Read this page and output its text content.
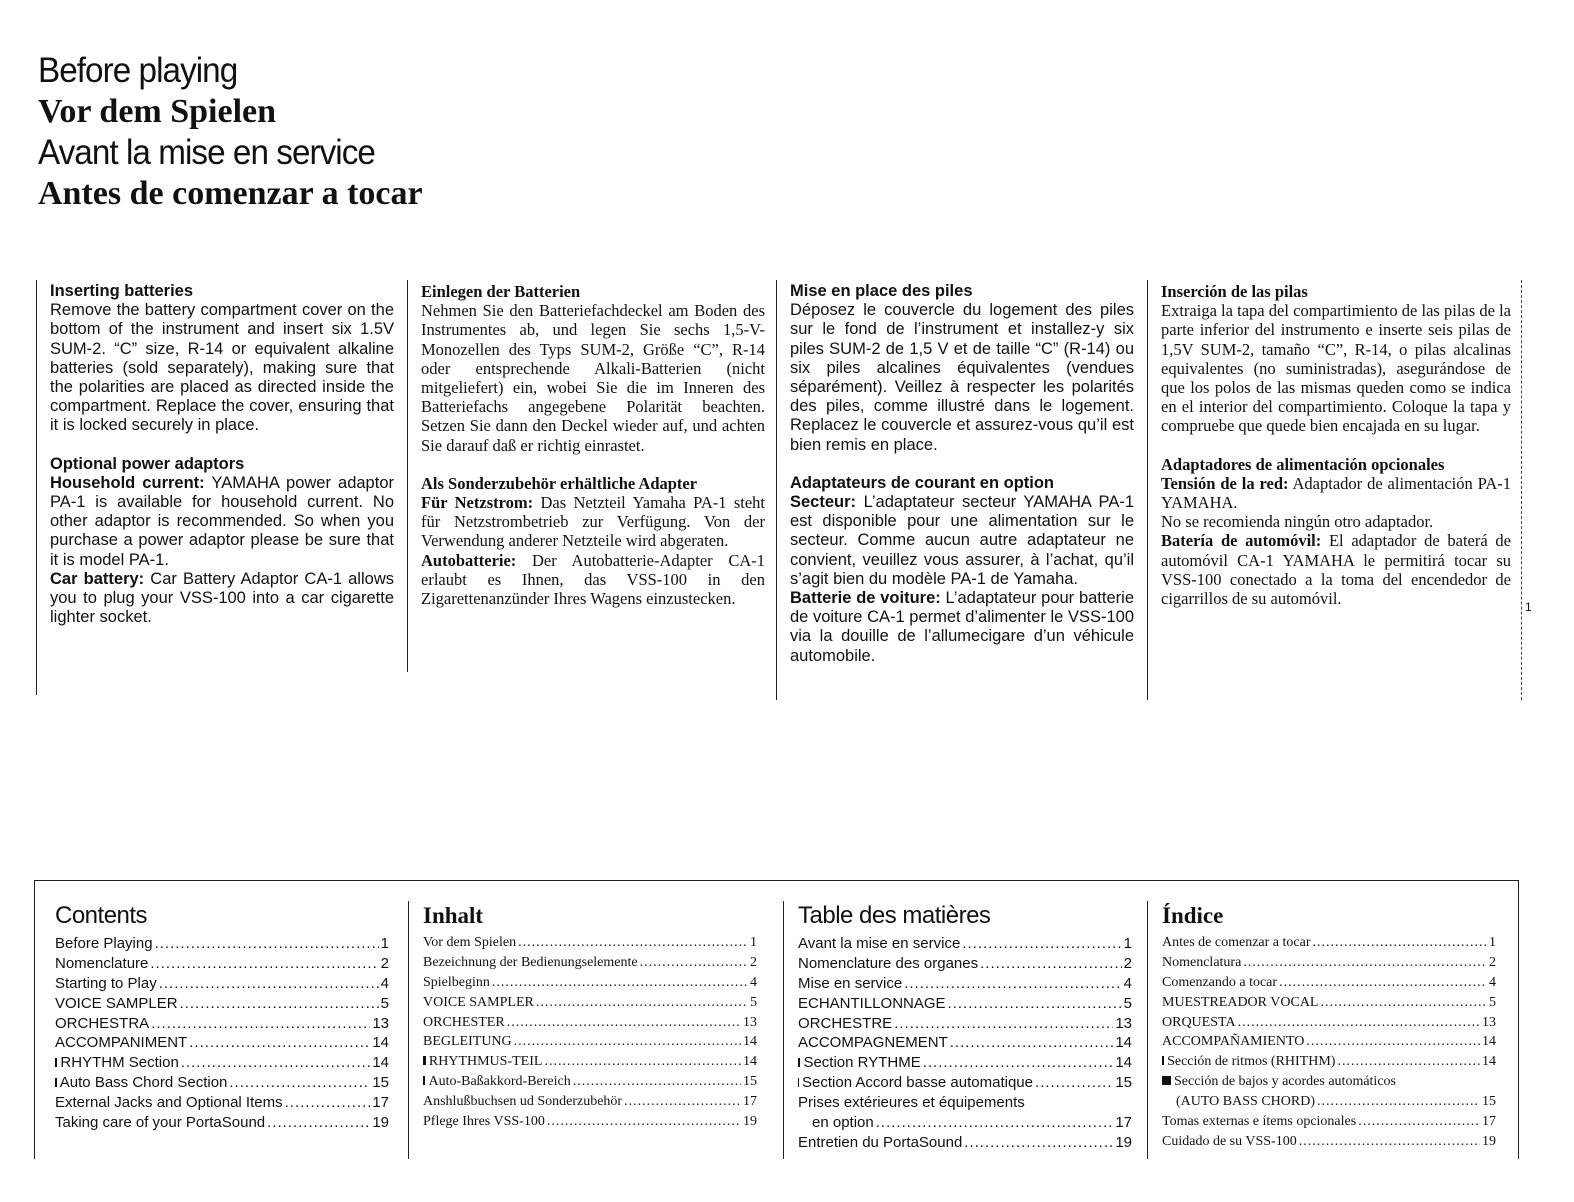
Before playing
Vor dem Spielen
Avant la mise en service
Antes de comenzar a tocar
Inserting batteries

Remove the battery compartment cover on the bottom of the instrument and insert six 1.5V SUM-2. “C” size, R-14 or equivalent alkaline batteries (sold separately), making sure that the polarities are placed as directed inside the compartment. Replace the cover, ensuring that it is locked securely in place.

Optional power adaptors

Household current: YAMAHA power adaptor PA-1 is available for household current. No other adaptor is recommended. So when you purchase a power adaptor please be sure that it is model PA-1.

Car battery: Car Battery Adaptor CA-1 allows you to plug your VSS-100 into a car cigarette lighter socket.

Einlegen der Batterien

Nehmen Sie den Batteriefachdeckel am Boden des Instrumentes ab, und legen Sie sechs 1,5-V-Monozellen des Typs SUM-2, Größe “C”, R-14 oder entsprechende Alkali-Batterien (nicht mitgeliefert) ein, wobei Sie die im Inneren des Batteriefachs angegebene Polarität beachten. Setzen Sie dann den Deckel wieder auf, und achten Sie darauf daß er richtig einrastet.

Als Sonderzubehör erhältliche Adapter

Für Netzstrom: Das Netzteil Yamaha PA-1 steht für Netzstrombetrieb zur Verfügung. Von der Verwendung anderer Netzteile wird abgeraten.

Autobatterie: Der Autobatterie-Adapter CA-1 erlaubt es Ihnen, das VSS-100 in den Zigarettenanzünder Ihres Wagens einzustecken.

Mise en place des piles

Déposez le couvercle du logement des piles sur le fond de l’instrument et installez-y six piles SUM-2 de 1,5 V et de taille “C” (R-14) ou six piles alcalines équivalentes (vendues séparément). Veillez à respecter les polarités des piles, comme illustré dans le logement. Replacez le couvercle et assurez-vous qu’il est bien remis en place.

Adaptateurs de courant en option

Secteur: L’adaptateur secteur YAMAHA PA-1 est disponible pour une alimentation sur le secteur. Comme aucun autre adaptateur ne convient, veuillez vous assurer, à l’achat, qu’il s’agit bien du modèle PA-1 de Yamaha.

Batterie de voiture: L’adaptateur pour batterie de voiture CA-1 permet d’alimenter le VSS-100 via la douille de l’allumecigare d’un véhicule automobile.

Inserción de las pilas

Extraiga la tapa del compartimiento de las pilas de la parte inferior del instrumento e inserte seis pilas de 1,5V SUM-2, tamaño “C”, R-14, o pilas alcalinas equivalentes (no suministradas), asegurándose de que los polos de las mismas queden como se indica en el interior del compartimiento. Coloque la tapa y compruebe que quede bien encajada en su lugar.

Adaptadores de alimentación opcionales

Tensión de la red: Adaptador de alimentación PA-1 YAMAHA.

No se recomienda ningún otro adaptador.

Batería de automóvil: El adaptador de baterá de automóvil CA-1 YAMAHA le permitirá tocar su VSS-100 conectado a la toma del encendedor de cigarrillos de su automóvil.	1
Contents
Before Playing .....	1
Nomenclature .....	2
Starting to Play .....	4
VOICE SAMPLER .....	5
ORCHESTRA .....	13
ACCOMPANIMENT .....	14
RHYTHM Section .....	14
Auto Bass Chord Section .....	15
External Jacks and Optional Items .....	17
Taking care of your PortaSound .....	19
Inhalt
Vor dem Spielen .....	1
Bezeichnung der Bedienungselemente .....	2
Spielbeginn .....	4
VOICE SAMPLER .....	5
ORCHESTER .....	13
BEGLEITUNG .....	14
RHYTHMUS-TEIL .....	14
Auto-Baßakkord-Bereich .....	15
Anshlußbuchsen ud Sonderzubehör .....	17
Pflege Ihres VSS-100 .....	19
Table des matières
Avant la mise en service .....	1
Nomenclature des organes .....	2
Mise en service .....	4
ECHANTILLONNAGE .....	5
ORCHESTRE .....	13
ACCOMPAGNEMENT .....	14
Section RYTHME .....	14
Section Accord basse automatique .....	15
Prises extérieures et équipements
en option .....	17
Entretien du PortaSound .....	19
Índice
Antes de comenzar a tocar .....	1
Nomenclatura .....	2
Comenzando a tocar .....	4
MUESTREADOR VOCAL .....	5
ORQUESTA .....	13
ACCOMPAÑAMIENTO .....	14
Sección de ritmos (RHITHM) .....	14
Sección de bajos y acordes automáticos
(AUTO BASS CHORD) .....	15
Tomas externas e ítems opcionales .....	17
Cuidado de su VSS-100 .....	19
